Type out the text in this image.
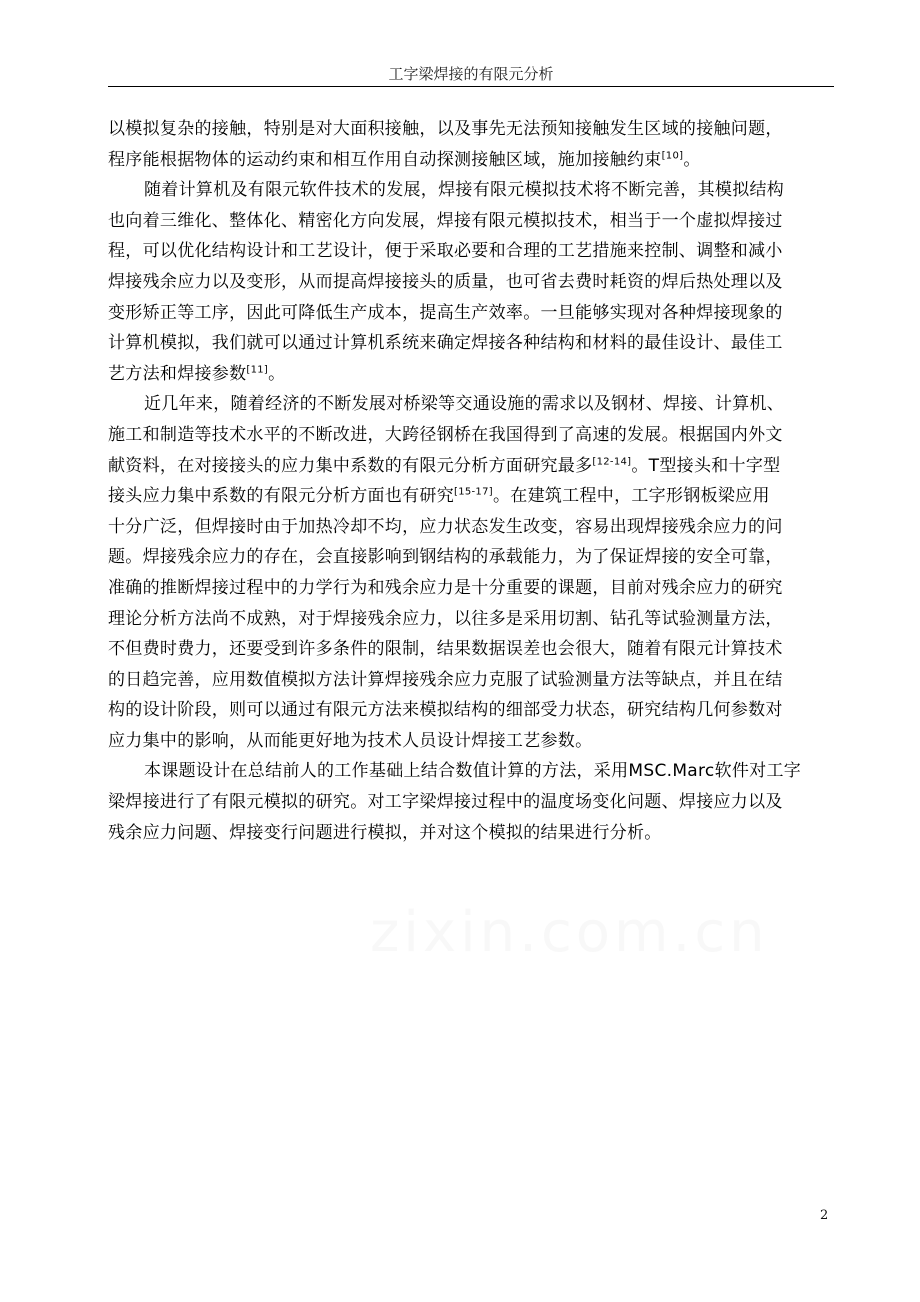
工字梁焊接的有限元分析
zixin.com.cn

以模拟复杂的接触，特别是对大面积接触，以及事先无法预知接触发生区域的接触问题，
程序能根据物体的运动约束和相互作用自动探测接触区域，施加接触约束[10]。

随着计算机及有限元软件技术的发展，焊接有限元模拟技术将不断完善，其模拟结构
也向着三维化、整体化、精密化方向发展，焊接有限元模拟技术，相当于一个虚拟焊接过
程，可以优化结构设计和工艺设计，便于采取必要和合理的工艺措施来控制、调整和减小
焊接残余应力以及变形，从而提高焊接接头的质量，也可省去费时耗资的焊后热处理以及
变形矫正等工序，因此可降低生产成本，提高生产效率。一旦能够实现对各种焊接现象的
计算机模拟，我们就可以通过计算机系统来确定焊接各种结构和材料的最佳设计、最佳工
艺方法和焊接参数[11]。

近几年来，随着经济的不断发展对桥梁等交通设施的需求以及钢材、焊接、计算机、
施工和制造等技术水平的不断改进，大跨径钢桥在我国得到了高速的发展。根据国内外文
献资料，在对接接头的应力集中系数的有限元分析方面研究最多[12-14]。T型接头和十字型
接头应力集中系数的有限元分析方面也有研究[15-17]。在建筑工程中，工字形钢板梁应用
十分广泛，但焊接时由于加热冷却不均，应力状态发生改变，容易出现焊接残余应力的问
题。焊接残余应力的存在，会直接影响到钢结构的承载能力，为了保证焊接的安全可靠，
准确的推断焊接过程中的力学行为和残余应力是十分重要的课题，目前对残余应力的研究
理论分析方法尚不成熟，对于焊接残余应力，以往多是采用切割、钻孔等试验测量方法，
不但费时费力，还要受到许多条件的限制，结果数据误差也会很大，随着有限元计算技术
的日趋完善，应用数值模拟方法计算焊接残余应力克服了试验测量方法等缺点，并且在结
构的设计阶段，则可以通过有限元方法来模拟结构的细部受力状态，研究结构几何参数对
应力集中的影响，从而能更好地为技术人员设计焊接工艺参数。

本课题设计在总结前人的工作基础上结合数值计算的方法，采用MSC.Marc软件对工字
梁焊接进行了有限元模拟的研究。对工字梁焊接过程中的温度场变化问题、焊接应力以及
残余应力问题、焊接变行问题进行模拟，并对这个模拟的结果进行分析。

2
